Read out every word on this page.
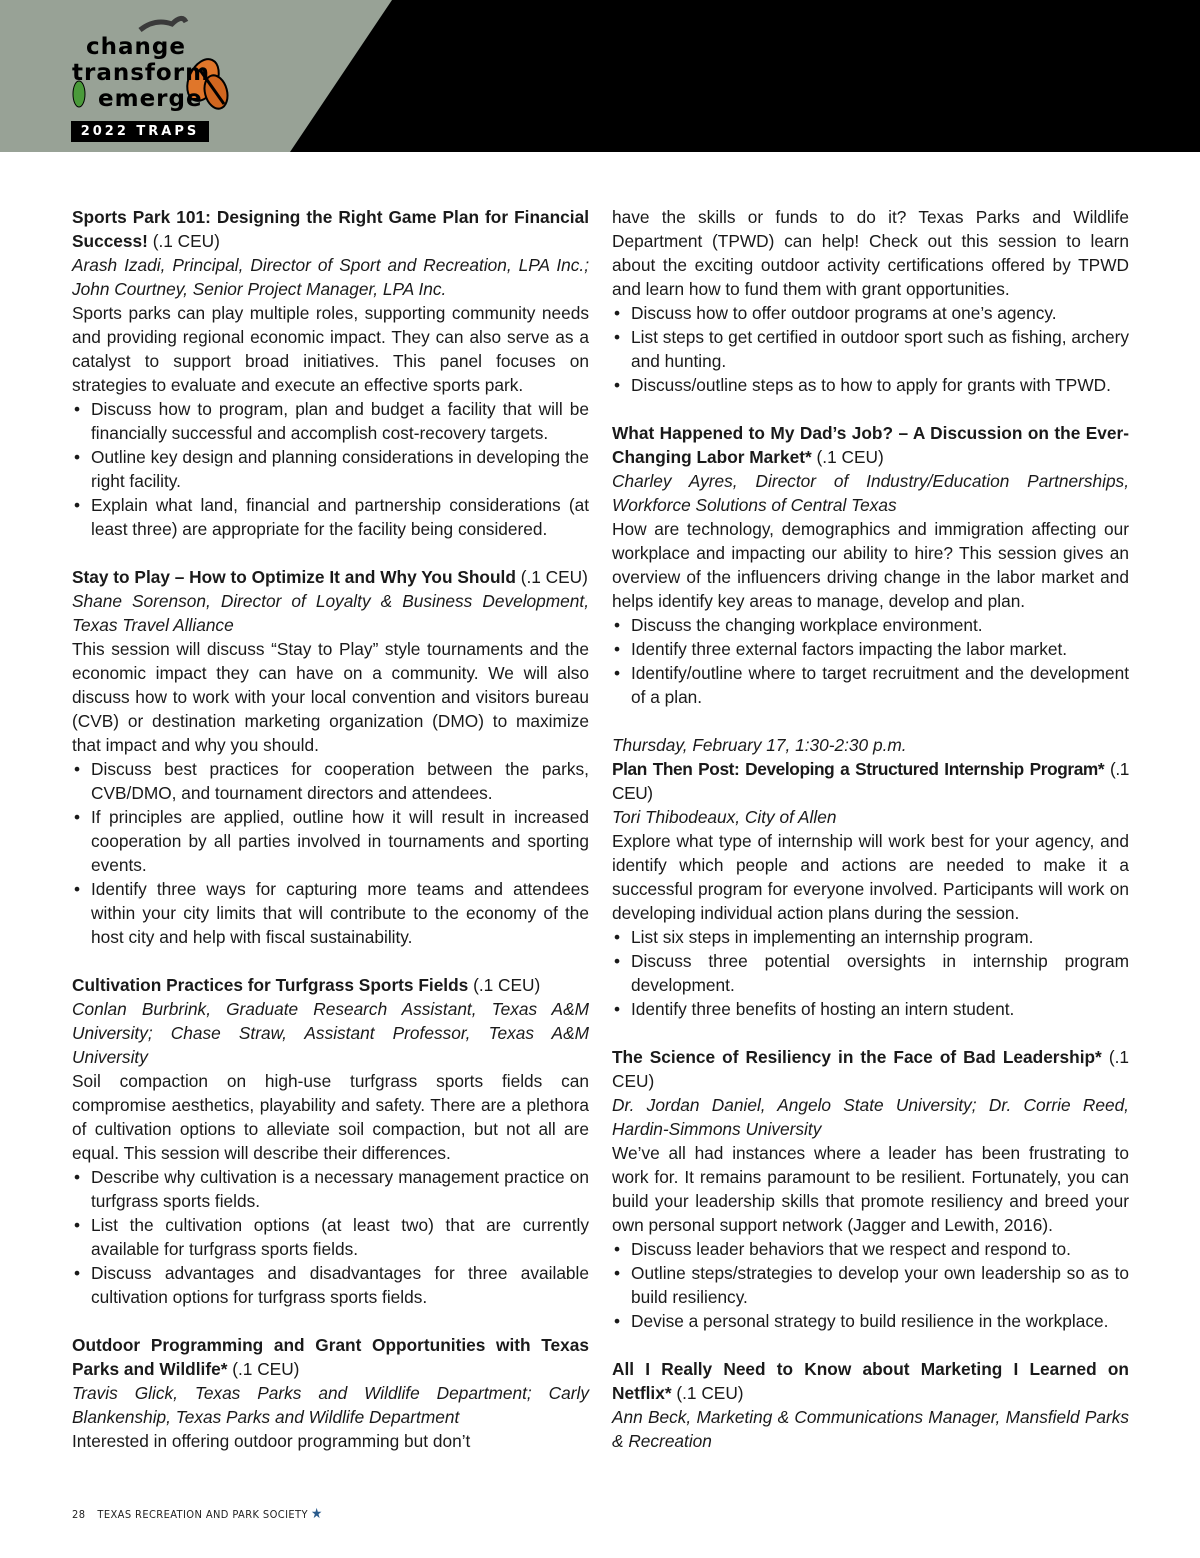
change
transform
emerge
2022 TRAPS
Sports Park 101: Designing the Right Game Plan for Financial Success! (.1 CEU)
Arash Izadi, Principal, Director of Sport and Recreation, LPA Inc.; John Courtney, Senior Project Manager, LPA Inc.
Sports parks can play multiple roles, supporting community needs and providing regional economic impact. They can also serve as a catalyst to support broad initiatives. This panel focuses on strategies to evaluate and execute an effective sports park.
• Discuss how to program, plan and budget a facility that will be financially successful and accomplish cost-recovery targets.
• Outline key design and planning considerations in developing the right facility.
• Explain what land, financial and partnership considerations (at least three) are appropriate for the facility being considered.
Stay to Play – How to Optimize It and Why You Should (.1 CEU)
Shane Sorenson, Director of Loyalty & Business Development, Texas Travel Alliance
This session will discuss “Stay to Play” style tournaments and the economic impact they can have on a community. We will also discuss how to work with your local convention and visitors bureau (CVB) or destination marketing organization (DMO) to maximize that impact and why you should.
• Discuss best practices for cooperation between the parks, CVB/DMO, and tournament directors and attendees.
• If principles are applied, outline how it will result in increased cooperation by all parties involved in tournaments and sporting events.
• Identify three ways for capturing more teams and attendees within your city limits that will contribute to the economy of the host city and help with fiscal sustainability.
Cultivation Practices for Turfgrass Sports Fields (.1 CEU)
Conlan Burbrink, Graduate Research Assistant, Texas A&M University; Chase Straw, Assistant Professor, Texas A&M University
Soil compaction on high-use turfgrass sports fields can compromise aesthetics, playability and safety. There are a plethora of cultivation options to alleviate soil compaction, but not all are equal. This session will describe their differences.
• Describe why cultivation is a necessary management practice on turfgrass sports fields.
• List the cultivation options (at least two) that are currently available for turfgrass sports fields.
• Discuss advantages and disadvantages for three available cultivation options for turfgrass sports fields.
Outdoor Programming and Grant Opportunities with Texas Parks and Wildlife* (.1 CEU)
Travis Glick, Texas Parks and Wildlife Department; Carly Blankenship, Texas Parks and Wildlife Department
Interested in offering outdoor programming but don’t
have the skills or funds to do it? Texas Parks and Wildlife Department (TPWD) can help! Check out this session to learn about the exciting outdoor activity certifications offered by TPWD and learn how to fund them with grant opportunities.
• Discuss how to offer outdoor programs at one’s agency.
• List steps to get certified in outdoor sport such as fishing, archery and hunting.
• Discuss/outline steps as to how to apply for grants with TPWD.
What Happened to My Dad’s Job? – A Discussion on the Ever-Changing Labor Market* (.1 CEU)
Charley Ayres, Director of Industry/Education Partnerships, Workforce Solutions of Central Texas
How are technology, demographics and immigration affecting our workplace and impacting our ability to hire? This session gives an overview of the influencers driving change in the labor market and helps identify key areas to manage, develop and plan.
• Discuss the changing workplace environment.
• Identify three external factors impacting the labor market.
• Identify/outline where to target recruitment and the development of a plan.
Thursday, February 17, 1:30-2:30 p.m.
Plan Then Post: Developing a Structured Internship Program* (.1 CEU)
Tori Thibodeaux, City of Allen
Explore what type of internship will work best for your agency, and identify which people and actions are needed to make it a successful program for everyone involved. Participants will work on developing individual action plans during the session.
• List six steps in implementing an internship program.
• Discuss three potential oversights in internship program development.
• Identify three benefits of hosting an intern student.
The Science of Resiliency in the Face of Bad Leadership* (.1 CEU)
Dr. Jordan Daniel, Angelo State University; Dr. Corrie Reed, Hardin-Simmons University
We’ve all had instances where a leader has been frustrating to work for. It remains paramount to be resilient. Fortunately, you can build your leadership skills that promote resiliency and breed your own personal support network (Jagger and Lewith, 2016).
• Discuss leader behaviors that we respect and respond to.
• Outline steps/strategies to develop your own leadership so as to build resiliency.
• Devise a personal strategy to build resilience in the workplace.
All I Really Need to Know about Marketing I Learned on Netflix* (.1 CEU)
Ann Beck, Marketing & Communications Manager, Mansfield Parks & Recreation
28 TEXAS RECREATION AND PARK SOCIETY ★
